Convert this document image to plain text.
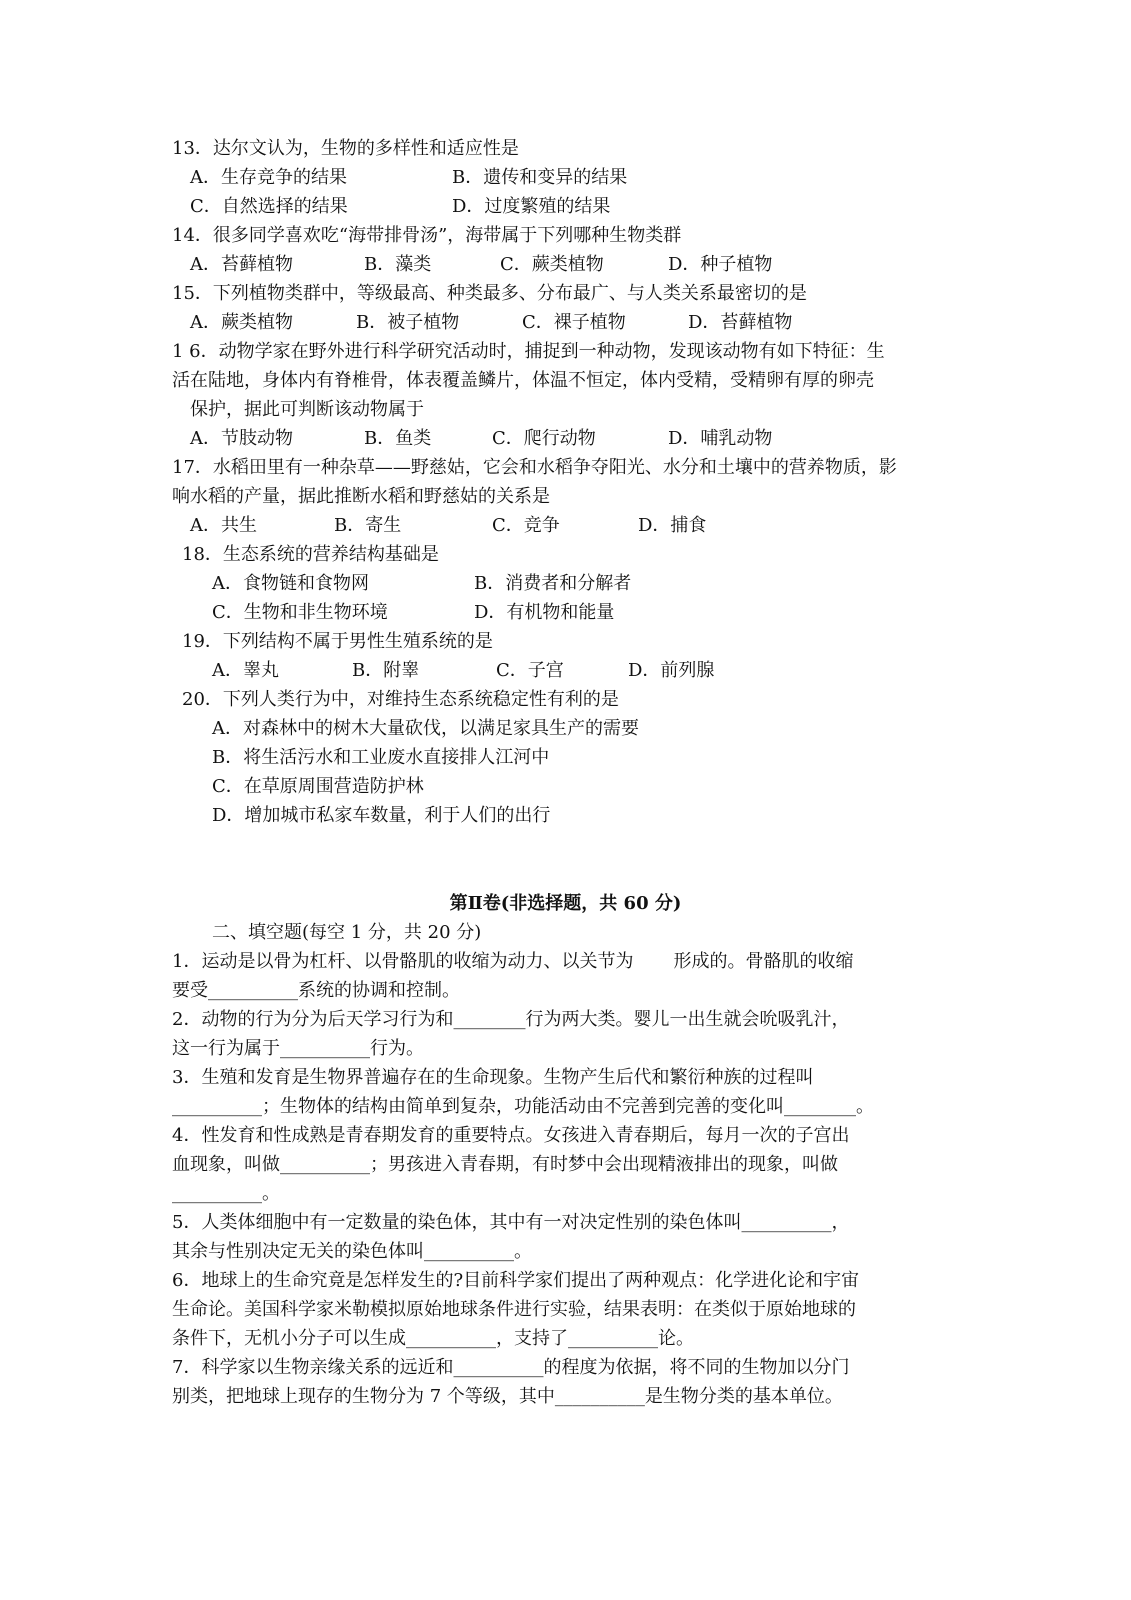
13．达尔文认为，生物的多样性和适应性是
A．生存竞争的结果	B．遗传和变异的结果
C．自然选择的结果	D．过度繁殖的结果
14．很多同学喜欢吃“海带排骨汤”，海带属于下列哪种生物类群
A．苔藓植物	B．藻类	C．蕨类植物	D．种子植物
15．下列植物类群中，等级最高、种类最多、分布最广、与人类关系最密切的是
A．蕨类植物	B．被子植物	C．裸子植物	D．苔藓植物
1 6．动物学家在野外进行科学研究活动时，捕捉到一种动物，发现该动物有如下特征：生
活在陆地，身体内有脊椎骨，体表覆盖鳞片，体温不恒定，体内受精，受精卵有厚的卵壳
保护，据此可判断该动物属于
A．节肢动物	B．鱼类	C．爬行动物	D．哺乳动物
17．水稻田里有一种杂草——野慈姑，它会和水稻争夺阳光、水分和土壤中的营养物质，影
响水稻的产量，据此推断水稻和野慈姑的关系是
A．共生	B．寄生	C．竞争	D．捕食
18．生态系统的营养结构基础是
A．食物链和食物网	B．消费者和分解者
C．生物和非生物环境	D．有机物和能量
19．下列结构不属于男性生殖系统的是
A．睾丸	B．附睾	C．子宫	D．前列腺
20．下列人类行为中，对维持生态系统稳定性有利的是
A．对森林中的树木大量砍伐，以满足家具生产的需要
B．将生活污水和工业废水直接排人江河中
C．在草原周围营造防护林
D．增加城市私家车数量，利于人们的出行
第Ⅱ卷(非选择题，共 60 分)
二、填空题(每空 1 分，共 20 分)
1．运动是以骨为杠杆、以骨骼肌的收缩为动力、以关节为       形成的。骨骼肌的收缩
要受__________系统的协调和控制。
2．动物的行为分为后天学习行为和________行为两大类。婴儿一出生就会吮吸乳汁，
这一行为属于__________行为。
3．生殖和发育是生物界普遍存在的生命现象。生物产生后代和繁衍种族的过程叫
__________；生物体的结构由简单到复杂，功能活动由不完善到完善的变化叫________。
4．性发育和性成熟是青春期发育的重要特点。女孩进入青春期后，每月一次的子宫出
血现象，叫做__________；男孩进入青春期，有时梦中会出现精液排出的现象，叫做
__________。
5．人类体细胞中有一定数量的染色体，其中有一对决定性别的染色体叫__________，
其余与性别决定无关的染色体叫__________。
6．地球上的生命究竟是怎样发生的?目前科学家们提出了两种观点：化学进化论和宇宙
生命论。美国科学家米勒模拟原始地球条件进行实验，结果表明：在类似于原始地球的
条件下，无机小分子可以生成__________，支持了__________论。
7．科学家以生物亲缘关系的远近和__________的程度为依据，将不同的生物加以分门
别类，把地球上现存的生物分为 7 个等级，其中__________是生物分类的基本单位。
